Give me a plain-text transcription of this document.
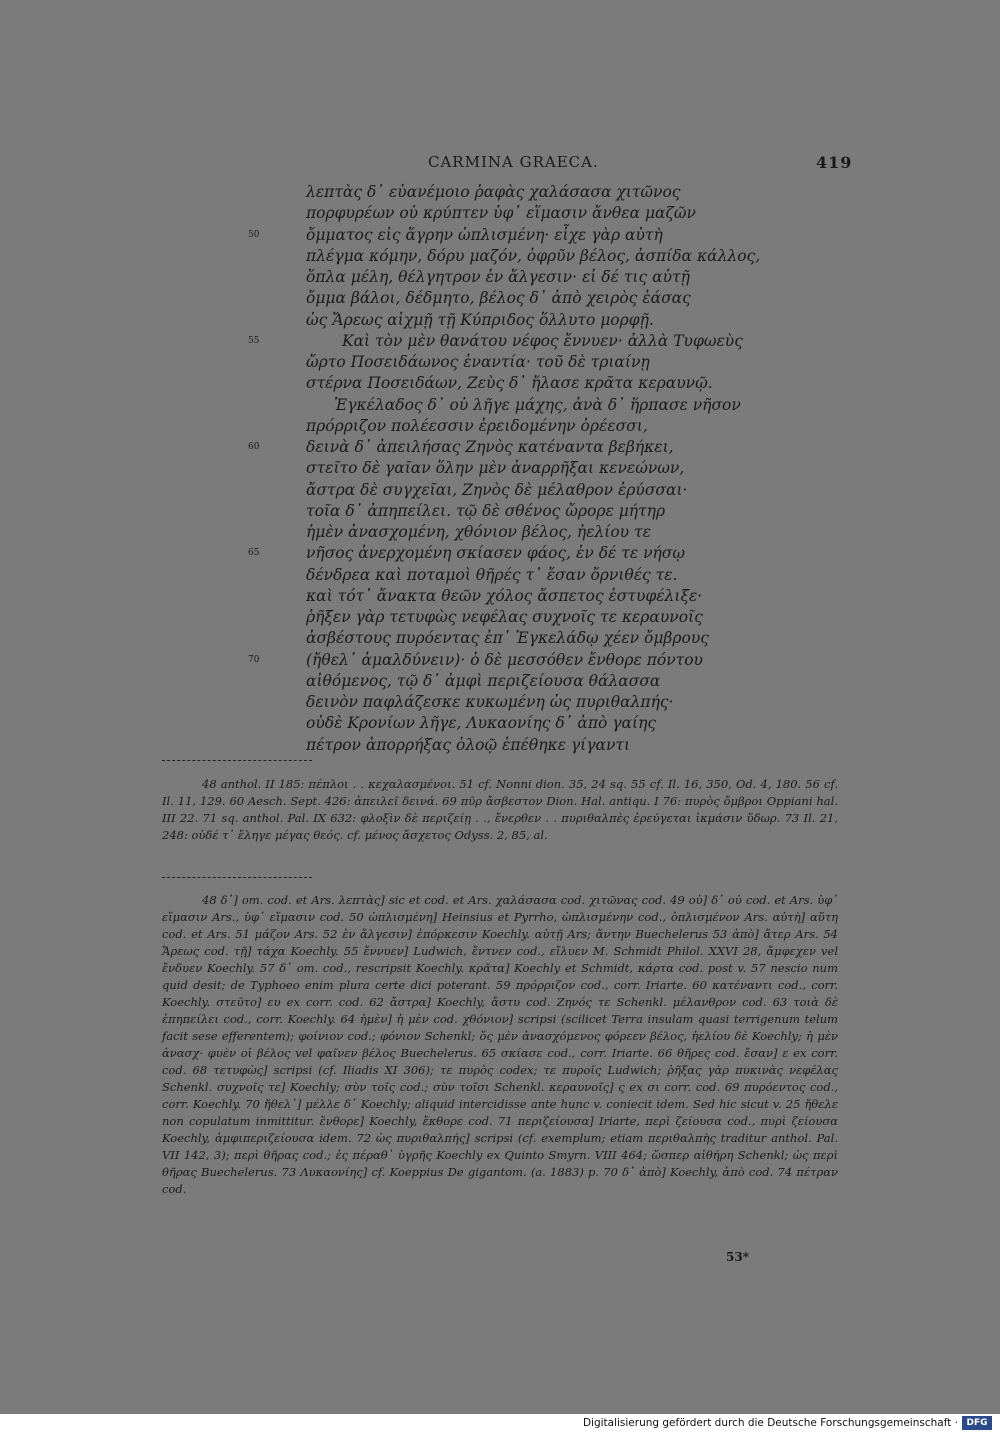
CARMINA GRAECA.	419
λεπτὰς δ᾿ εὐανέμοιο ῥαφὰς χαλάσασα χιτῶνος
πορφυρέων οὐ κρύπτεν ὑφ᾿ εἵμασιν ἄνθεα μαζῶν
50	ὄμματος εἰς ἄγρην ὡπλισμένη· εἶχε γὰρ αὐτὴ
πλέγμα κόμην, δόρυ μαζόν, ὀφρῦν βέλος, ἀσπίδα κάλλος,
ὅπλα μέλη, θέλγητρον ἐν ἄλγεσιν· εἰ δέ τις αὐτῇ
ὄμμα βάλοι, δέδμητο, βέλος δ᾿ ἀπὸ χειρὸς ἐάσας
ὡς Ἄρεως αἰχμῇ τῇ Κύπριδος ὅλλυτο μορφῇ.
55	Καὶ τὸν μὲν θανάτου νέφος ἔννυεν· ἀλλὰ Τυφωεὺς
ὤρτο Ποσειδάωνος ἐναντία· τοῦ δὲ τριαίνῃ
στέρνα Ποσειδάων, Ζεὺς δ᾿ ἤλασε κρᾶτα κεραυνῷ.
Ἐγκέλαδος δ᾿ οὐ λῆγε μάχης, ἀνὰ δ᾿ ἥρπασε νῆσον
πρόρριζον πολέεσσιν ἐρειδομένην ὀρέεσσι,
60	δεινὰ δ᾿ ἀπειλήσας Ζηνὸς κατέναντα βεβήκει,
στεῖτο δὲ γαῖαν ὅλην μὲν ἀναρρῆξαι κενεώνων,
ἄστρα δὲ συγχεῖαι, Ζηνὸς δὲ μέλαθρον ἐρύσσαι·
τοῖα δ᾿ ἀπηπείλει. τῷ δὲ σθένος ὤρορε μήτηρ
ἡμὲν ἀνασχομένη, χθόνιον βέλος, ἠελίου τε
65	νῆσος ἀνερχομένη σκίασεν φάος, ἐν δέ τε νήσῳ
δένδρεα καὶ ποταμοὶ θῆρές τ᾿ ἔσαν ὄρνιθές τε.
καὶ τότ᾿ ἄνακτα θεῶν χόλος ἄσπετος ἐστυφέλιξε·
ῥῆξεν γὰρ τετυφὼς νεφέλας συχνοῖς τε κεραυνοῖς
ἀσβέστους πυρόεντας ἐπ᾿ Ἐγκελάδῳ χέεν ὄμβρους
70	(ἤθελ᾿ ἀμαλδύνειν)· ὁ δὲ μεσσόθεν ἔνθορε πόντου
αἰθόμενος, τῷ δ᾿ ἀμφὶ περιζείουσα θάλασσα
δεινὸν παφλάζεσκε κυκωμένη ὡς πυριθαλπής·
οὐδὲ Κρονίων λῆγε, Λυκαονίης δ᾿ ἀπὸ γαίης
πέτρον ἀπορρήξας ὀλοῷ ἐπέθηκε γίγαντι

48 anthol. II 185: πέπλοι . . κεχαλασμένοι. 51 cf. Nonni dion. 35, 24 sq. 55 cf. Il. 16, 350, Od. 4, 180. 56 cf. Il. 11, 129. 60 Aesch. Sept. 426: ἀπειλεῖ δεινά. 69 πῦρ ἄσβεστον Dion. Hal. antiqu. I 76: πυρὸς ὄμβροι Oppiani hal. III 22. 71 sq. anthol. Pal. IX 632: φλοξὶν δὲ περιζείῃ . ., ἔνερθεν . . πυριθαλπὲς ἐρεύγεται ἰκμάσιν ὕδωρ. 73 Il. 21, 248: οὐδέ τ᾿ ἔληγε μέγας θεός. cf. μένος ἄσχετος Odyss. 2, 85, al.

48 δ᾿] om. cod. et Ars. λεπτὰς] sic et cod. et Ars. χαλάσασα cod. χιτῶνας cod. 49 οὐ] δ᾿ οὐ cod. et Ars. ὑφ᾿ εἵμασιν Ars., ὑφ᾿ εἵμασιν cod. 50 ὡπλισμένη] Heinsius et Pyrrho, ὡπλισμένην cod., ὁπλισμένον Ars. αὐτὴ] αὕτη cod. et Ars. 51 μάζον Ars. 52 ἐν ἄλγεσιν] ἐπόρκεσιν Koechly. αὐτῇ Ars; ἄντην Buechelerus 53 ἀπὸ] ἄτερ Ars. 54 Ἄρεως cod. τῇ] τάχα Koechly. 55 ἔννυεν] Ludwich, ἔντνεν cod., εἴλυεν M. Schmidt Philol. XXVI 28, ἄμφεχεν vel ἔνδυεν Koechly. 57 δ᾿ om. cod., rescripsit Koechly. κρᾶτα] Koechly et Schmidt, κάρτα cod. post v. 57 nescio num quid desit; de Typhoeo enim plura certe dici poterant. 59 πρόρριζον cod., corr. Iriarte. 60 κατέναντι cod., corr. Koechly. στεῦτο] ευ ex corr. cod. 62 ἄστρα] Koechly, ἄστυ cod. Ζηνός τε Schenkl. μέλανθρον cod. 63 τοιὰ δὲ ἐπηπείλει cod., corr. Koechly. 64 ἠμὲν] ἡ μὲν cod. χθόνιον] scripsi (scilicet Terra insulam quasi terrigenum telum facit sese efferentem); φοίνιον cod.; φόνιον Schenkl; ὅς μὲν ἀνασχόμενος φόρεεν βέλος, ἠελίου δὲ Koechly; ἡ μὲν ἀνασχ· φυὲν οἱ βέλος vel φαῖνεν βέλος Buechelerus. 65 σκίασε cod., corr. Iriarte. 66 θῆρες cod. ἔσαν] ε ex corr. cod. 68 τετυφὼς] scripsi (cf. Iliadis XI 306); τε πυρὸς codex; τε πυροῖς Ludwich; ῥῆξας γὰρ πυκινὰς νεφέλας Schenkl. συχνοῖς τε] Koechly; σὺν τοῖς cod.; σὺν τοῖσι Schenkl. κεραυνοῖς] ς ex σι corr. cod. 69 πυρόεντος cod., corr. Koechly. 70 ἤθελ᾿] μέλλε δ᾿ Koechly; aliquid intercidisse ante hunc v. coniecit idem. Sed hic sicut v. 25 ἤθελε non copulatum inmittitur. ἔνθορε] Koechly, ἔκθορε cod. 71 περιζείουσα] Iriarte, περὶ ζείουσα cod., πυρὶ ζείουσα Koechly, ἀμφιπεριζείουσα idem. 72 ὡς πυριθαλπής] scripsi (cf. exemplum; etiam περιθαλπὴς traditur anthol. Pal. VII 142, 3); περὶ θῆρας cod.; ἐς πέραθ᾿ ὑγρῆς Koechly ex Quinto Smyrn. VIII 464; ὥσπερ αἰθήρη Schenkl; ὡς περὶ θῆρας Buechelerus. 73 Λυκαονίης] cf. Koeppius De gigantom. (a. 1883) p. 70 δ᾿ ἀπὸ] Koechly, ἀπὸ cod. 74 πέτραν cod.

53*
Digitalisierung gefördert durch die Deutsche Forschungsgemeinschaft · DFG
